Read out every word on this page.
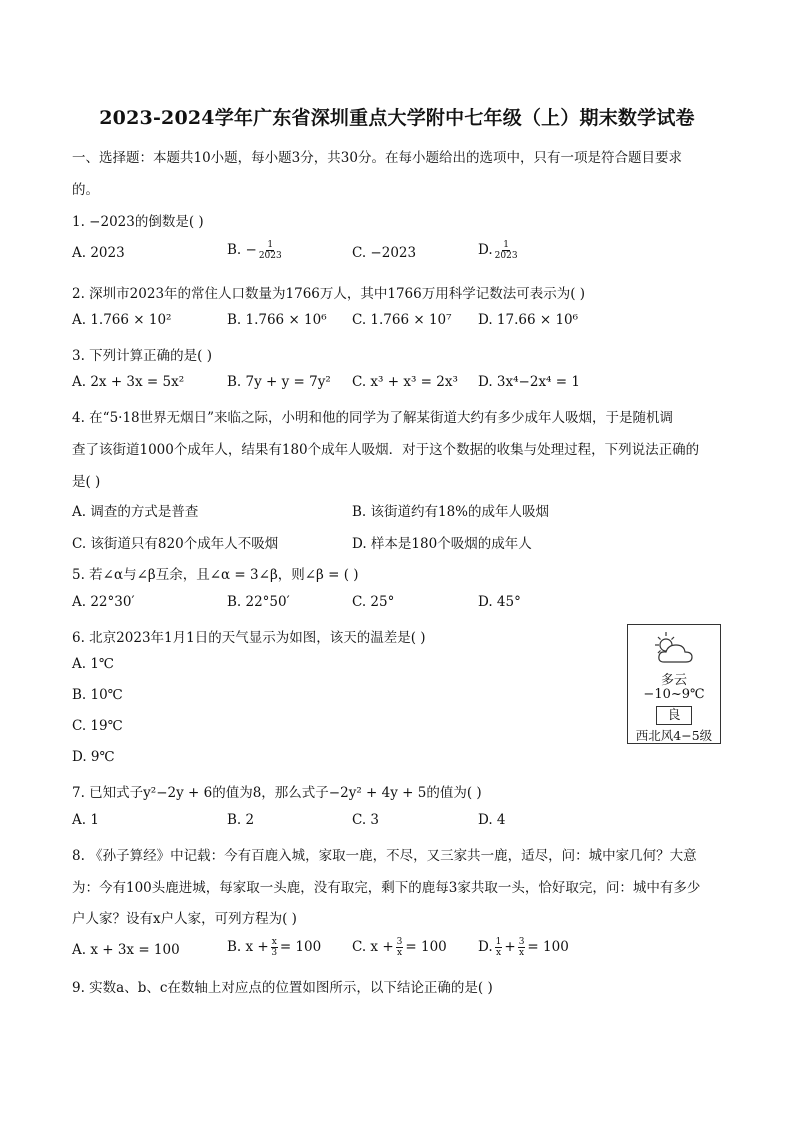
2023-2024学年广东省深圳重点大学附中七年级（上）期末数学试卷
一、选择题：本题共10小题，每小题3分，共30分。在每小题给出的选项中，只有一项是符合题目要求
的。
1. −2023的倒数是( )
A. 2023	B. − $\frac{1}{2023}$	C. −2023	D. $\frac{1}{2023}$
2. 深圳市2023年的常住人口数量为1766万人，其中1766万用科学记数法可表示为( )
A. 1.766 × 10²	B. 1.766 × 10⁶ C. 1.766 × 10⁷ D. 17.66 × 10⁶
3. 下列计算正确的是( )
A. 2x + 3x = 5x²	B. 7y + y = 7y² C. x³ + x³ = 2x³ D. 3x⁴−2x⁴ = 1
4. 在“5·18世界无烟日”来临之际，小明和他的同学为了解某街道大约有多少成年人吸烟，于是随机调
查了该街道1000个成年人，结果有180个成年人吸烟．对于这个数据的收集与处理过程，下列说法正确的
是( )
A. 调查的方式是普查	B. 该街道约有18%的成年人吸烟
C. 该街道只有820个成年人不吸烟	D. 样本是180个吸烟的成年人
5. 若∠α与∠β互余，且∠α = 3∠β，则∠β = ( )
A. 22°30′	B. 22°50′	C. 25°	D. 45°
6. 北京2023年1月1日的天气显示为如图，该天的温差是( )
A. 1℃
B. 10℃
C. 19℃
D. 9℃
多云
−10~9℃
良
西北风4−5级
7. 已知式子y²−2y + 6的值为8，那么式子−2y² + 4y + 5的值为( )
A. 1	B. 2	C. 3	D. 4
8. 《孙子算经》中记载：今有百鹿入城，家取一鹿，不尽，又三家共一鹿，适尽，问：城中家几何？大意
为：今有100头鹿进城，每家取一头鹿，没有取完，剩下的鹿每3家共取一头，恰好取完，问：城中有多少
户人家？设有x户人家，可列方程为( )
A. x + 3x = 100	B. $x + \frac{x}{3} = 100$ C. $x + \frac{3}{x} = 100$ D. $\frac{1}{x} + \frac{3}{x} = 100$
9. 实数a、b、c在数轴上对应点的位置如图所示，以下结论正确的是( )
